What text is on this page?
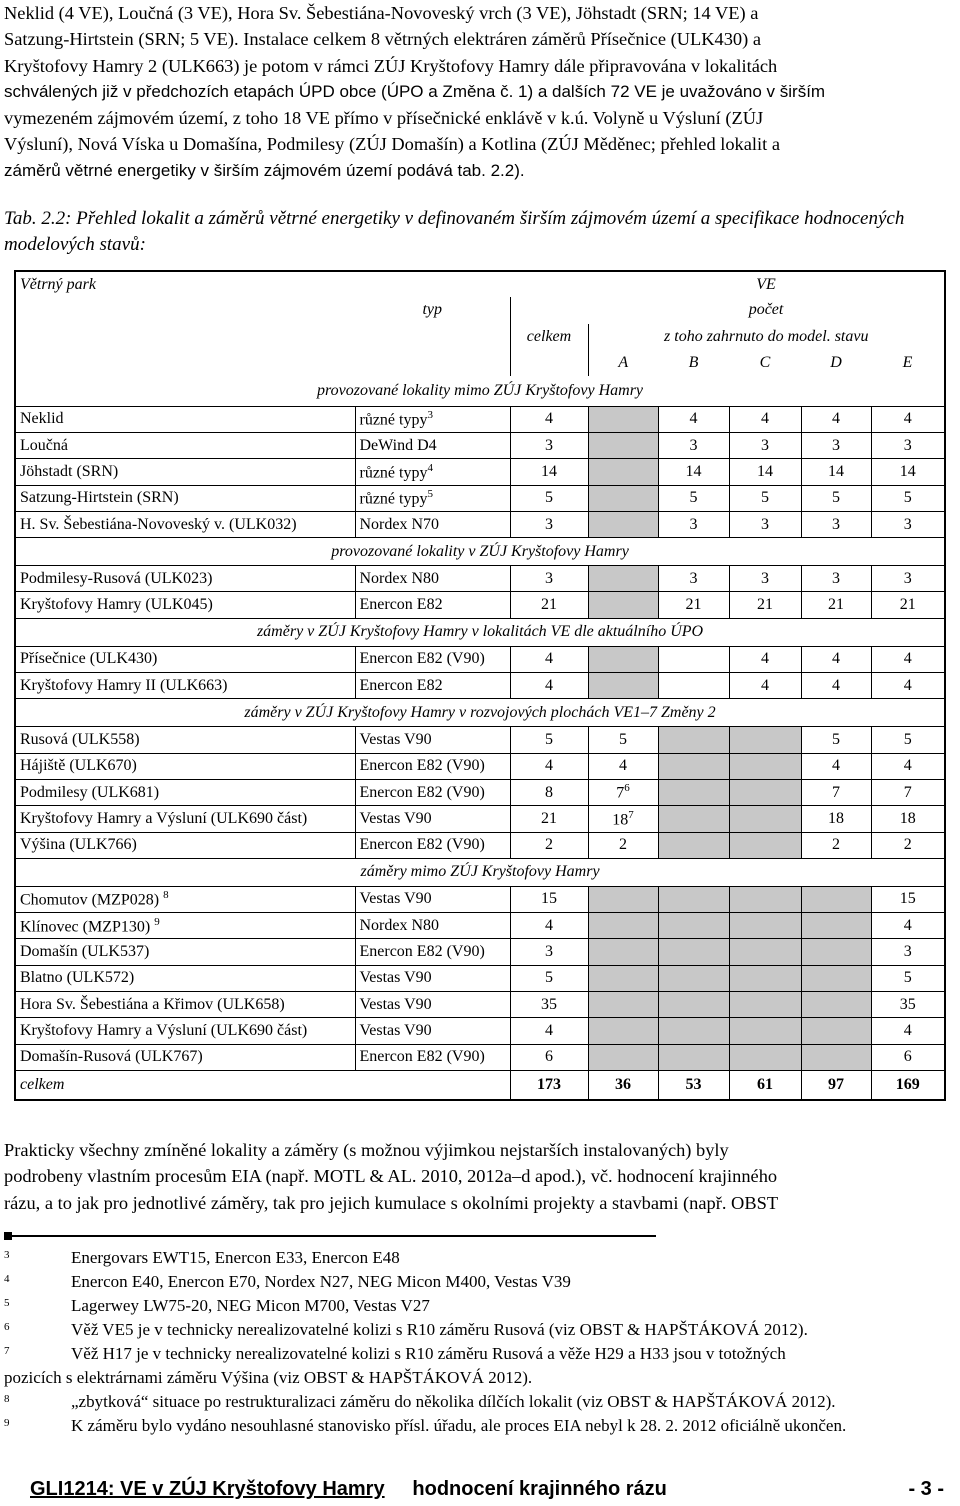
Neklid (4 VE), Loučná (3 VE), Hora Sv. Šebestiána-Novoveský vrch (3 VE), Jöhstadt (SRN; 14 VE) a
Satzung-Hirtstein (SRN; 5 VE). Instalace celkem 8 větrných elektráren záměrů Přísečnice (ULK430) a
Kryštofovy Hamry 2 (ULK663) je potom v rámci ZÚJ Kryštofovy Hamry dále připravována v lokalitách
schválených již v předchozích etapách ÚPD obce (ÚPO a Změna č. 1) a dalších 72 VE je uvažováno v širším
vymezeném zájmovém území, z toho 18 VE přímo v přísečnické enklávě v k.ú. Volyně u Výsluní (ZÚJ
Výsluní), Nová Víska u Domašína, Podmilesy (ZÚJ Domašín) a Kotlina (ZÚJ Měděnec; přehled lokalit a
záměrů větrné energetiky v širším zájmovém území podává tab. 2.2).
Tab. 2.2: Přehled lokalit a záměrů větrné energetiky v definovaném širším zájmovém území a specifikace hodnocených modelových stavů:
Větrný park			VE				
	typ		počet				
		celkem	z toho zahrnuto do model. stavu				
			A	B	C	D	E
provozované lokality mimo ZÚJ Kryštofovy Hamry							
Neklid	různé typy$^3$	4		4	4	4	4
Loučná	DeWind D4	3		3	3	3	3
Jöhstadt (SRN)	různé typy$^4$	14		14	14	14	14
Satzung-Hirtstein (SRN)	různé typy$^5$	5		5	5	5	5
H. Sv. Šebestiána-Novoveský v. (ULK032)	Nordex N70	3		3	3	3	3
provozované lokality v ZÚJ Kryštofovy Hamry							
Podmilesy-Rusová (ULK023)	Nordex N80	3		3	3	3	3
Kryštofovy Hamry (ULK045)	Enercon E82	21		21	21	21	21
záměry v ZÚJ Kryštofovy Hamry v lokalitách VE dle aktuálního ÚPO							
Přísečnice (ULK430)	Enercon E82 (V90)	4			4	4	4
Kryštofovy Hamry II (ULK663)	Enercon E82	4			4	4	4
záměry v ZÚJ Kryštofovy Hamry v rozvojových plochách VE1–7 Změny 2							
Rusová (ULK558)	Vestas V90	5	5			5	5
Hájiště (ULK670)	Enercon E82 (V90)	4	4			4	4
Podmilesy (ULK681)	Enercon E82 (V90)	8	$7^6$			7	7
Kryštofovy Hamry a Výsluní (ULK690 část)	Vestas V90	21	$18^7$			18	18
Výšina (ULK766)	Enercon E82 (V90)	2	2			2	2
záměry mimo ZÚJ Kryštofovy Hamry							
Chomutov (MZP028) $^8$	Vestas V90	15					15
Klínovec (MZP130) $^9$	Nordex N80	4					4
Domašín (ULK537)	Enercon E82 (V90)	3					3
Blatno (ULK572)	Vestas V90	5					5
Hora Sv. Šebestiána a Křimov (ULK658)	Vestas V90	35					35
Kryštofovy Hamry a Výsluní (ULK690 část)	Vestas V90	4					4
Domašín-Rusová (ULK767)	Enercon E82 (V90)	6					6
celkem		173	36	53	61	97	169
Prakticky všechny zmíněné lokality a záměry (s možnou výjimkou nejstarších instalovaných) byly
podrobeny vlastním procesům EIA (např. MOTL & AL. 2010, 2012a–d apod.), vč. hodnocení krajinného
rázu, a to jak pro jednotlivé záměry, tak pro jejich kumulace s okolními projekty a stavbami (např. OBST
3	Energovars EWT15, Enercon E33, Enercon E48
4	Enercon E40, Enercon E70, Nordex N27, NEG Micon M400, Vestas V39
5	Lagerwey LW75-20, NEG Micon M700, Vestas V27
6	Věž VE5 je v technicky nerealizovatelné kolizi s R10 záměru Rusová (viz OBST & HAPŠTÁKOVÁ 2012).
7	Věž H17 je v technicky nerealizovatelné kolizi s R10 záměru Rusová a věže H29 a H33 jsou v totožných
pozicích s elektrárnami záměru Výšina (viz OBST & HAPŠTÁKOVÁ 2012).
8	„zbytková“ situace po restrukturalizaci záměru do několika dílčích lokalit (viz OBST & HAPŠTÁKOVÁ 2012).
9	K záměru bylo vydáno nesouhlasné stanovisko přísl. úřadu, ale proces EIA nebyl k 28. 2. 2012 oficiálně ukončen.
GLI1214: VE v ZÚJ Kryštofovy Hamry hodnocení krajinného rázu	- 3 -
